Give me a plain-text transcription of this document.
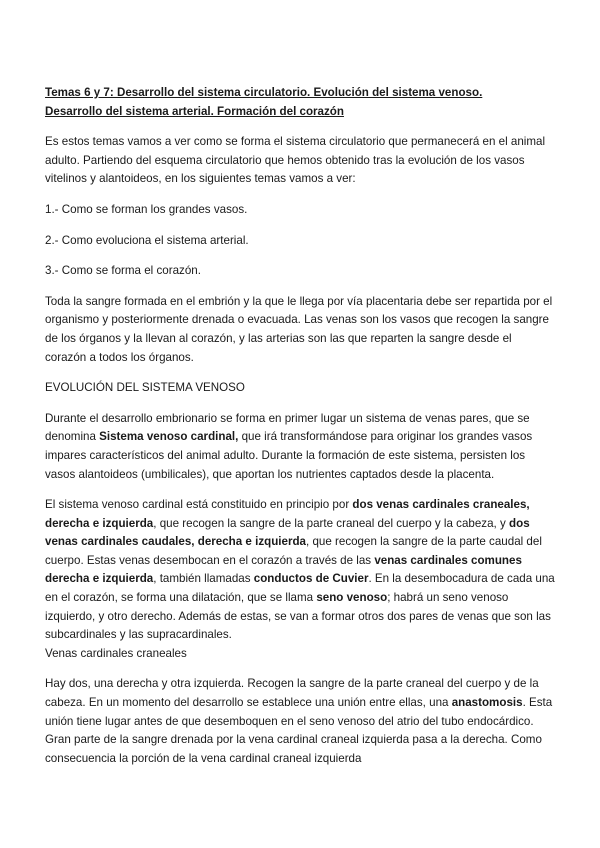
Temas 6 y 7: Desarrollo del sistema circulatorio. Evolución del sistema venoso.
Desarrollo del sistema arterial. Formación del corazón

Es estos temas vamos a ver como se forma el sistema circulatorio que permanecerá en el animal adulto. Partiendo del esquema circulatorio que hemos obtenido tras la evolución de los vasos vitelinos y alantoideos, en los siguientes temas vamos a ver:

1.- Como se forman los grandes vasos.

2.- Como evoluciona el sistema arterial.

3.- Como se forma el corazón.

Toda la sangre formada en el embrión y la que le llega por vía placentaria debe ser repartida por el organismo y posteriormente drenada o evacuada. Las venas son los vasos que recogen la sangre de los órganos y la llevan al corazón, y las arterias son las que reparten la sangre desde el corazón a todos los órganos.

EVOLUCIÓN DEL SISTEMA VENOSO

Durante el desarrollo embrionario se forma en primer lugar un sistema de venas pares, que se denomina Sistema venoso cardinal, que irá transformándose para originar los grandes vasos impares característicos del animal adulto. Durante la formación de este sistema, persisten los vasos alantoideos (umbilicales), que aportan los nutrientes captados desde la placenta.

El sistema venoso cardinal está constituido en principio por dos venas cardinales craneales, derecha e izquierda, que recogen la sangre de la parte craneal del cuerpo y la cabeza, y dos venas cardinales caudales, derecha e izquierda, que recogen la sangre de la parte caudal del cuerpo. Estas venas desembocan en el corazón a través de las venas cardinales comunes derecha e izquierda, también llamadas conductos de Cuvier. En la desembocadura de cada una en el corazón, se forma una dilatación, que se llama seno venoso; habrá un seno venoso izquierdo, y otro derecho. Además de estas, se van a formar otros dos pares de venas que son las subcardinales y las supracardinales.

Venas cardinales craneales

Hay dos, una derecha y otra izquierda. Recogen la sangre de la parte craneal del cuerpo y de la cabeza. En un momento del desarrollo se establece una unión entre ellas, una anastomosis. Esta unión tiene lugar antes de que desemboquen en el seno venoso del atrio del tubo endocárdico. Gran parte de la sangre drenada por la vena cardinal craneal izquierda pasa a la derecha. Como consecuencia la porción de la vena cardinal craneal izquierda
